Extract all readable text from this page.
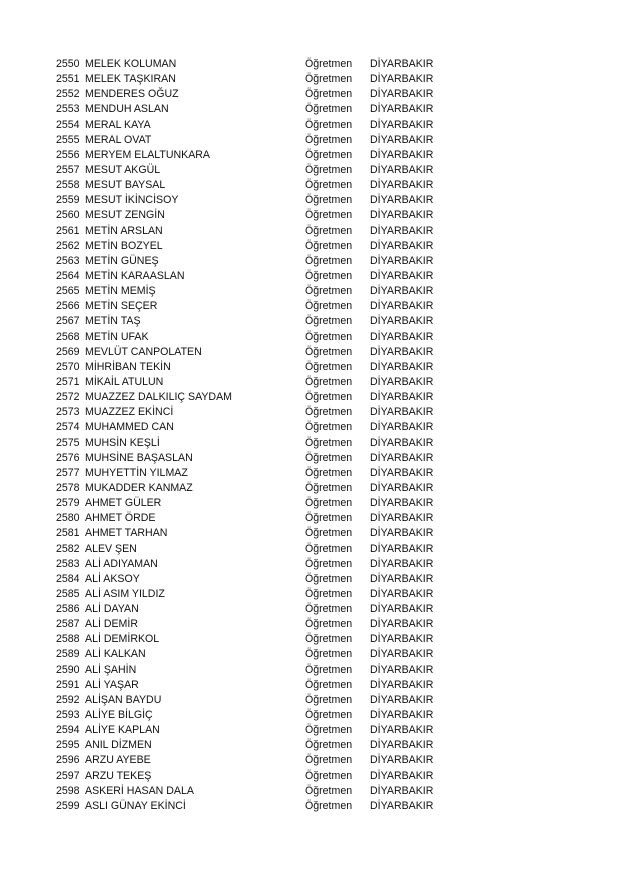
2550 MELEK KOLUMAN	Öğretmen DİYARBAKIR
2551 MELEK TAŞKIRAN	Öğretmen DİYARBAKIR
2552 MENDERES OĞUZ	Öğretmen DİYARBAKIR
2553 MENDUH ASLAN	Öğretmen DİYARBAKIR
2554 MERAL KAYA	Öğretmen DİYARBAKIR
2555 MERAL OVAT	Öğretmen DİYARBAKIR
2556 MERYEM ELALTUNKARA	Öğretmen DİYARBAKIR
2557 MESUT AKGÜL	Öğretmen DİYARBAKIR
2558 MESUT BAYSAL	Öğretmen DİYARBAKIR
2559 MESUT İKİNCİSOY	Öğretmen DİYARBAKIR
2560 MESUT ZENGİN	Öğretmen DİYARBAKIR
2561 METİN ARSLAN	Öğretmen DİYARBAKIR
2562 METİN BOZYEL	Öğretmen DİYARBAKIR
2563 METİN GÜNEŞ	Öğretmen DİYARBAKIR
2564 METİN KARAASLAN	Öğretmen DİYARBAKIR
2565 METİN MEMİŞ	Öğretmen DİYARBAKIR
2566 METİN SEÇER	Öğretmen DİYARBAKIR
2567 METİN TAŞ	Öğretmen DİYARBAKIR
2568 METİN UFAK	Öğretmen DİYARBAKIR
2569 MEVLÜT CANPOLATEN	Öğretmen DİYARBAKIR
2570 MİHRİBAN TEKİN	Öğretmen DİYARBAKIR
2571 MİKAİL ATULUN	Öğretmen DİYARBAKIR
2572 MUAZZEZ DALKILIÇ SAYDAM	Öğretmen DİYARBAKIR
2573 MUAZZEZ EKİNCİ	Öğretmen DİYARBAKIR
2574 MUHAMMED CAN	Öğretmen DİYARBAKIR
2575 MUHSİN KEŞLİ	Öğretmen DİYARBAKIR
2576 MUHSİNE BAŞASLAN	Öğretmen DİYARBAKIR
2577 MUHYETTİN YILMAZ	Öğretmen DİYARBAKIR
2578 MUKADDER KANMAZ	Öğretmen DİYARBAKIR
2579 AHMET GÜLER	Öğretmen DİYARBAKIR
2580 AHMET ÖRDE	Öğretmen DİYARBAKIR
2581 AHMET TARHAN	Öğretmen DİYARBAKIR
2582 ALEV ŞEN	Öğretmen DİYARBAKIR
2583 ALİ ADIYAMAN	Öğretmen DİYARBAKIR
2584 ALİ AKSOY	Öğretmen DİYARBAKIR
2585 ALİ ASIM YILDIZ	Öğretmen DİYARBAKIR
2586 ALİ DAYAN	Öğretmen DİYARBAKIR
2587 ALİ DEMİR	Öğretmen DİYARBAKIR
2588 ALİ DEMİRKOL	Öğretmen DİYARBAKIR
2589 ALİ KALKAN	Öğretmen DİYARBAKIR
2590 ALİ ŞAHİN	Öğretmen DİYARBAKIR
2591 ALİ YAŞAR	Öğretmen DİYARBAKIR
2592 ALİŞAN BAYDU	Öğretmen DİYARBAKIR
2593 ALİYE BİLGİÇ	Öğretmen DİYARBAKIR
2594 ALİYE KAPLAN	Öğretmen DİYARBAKIR
2595 ANIL DİZMEN	Öğretmen DİYARBAKIR
2596 ARZU AYEBE	Öğretmen DİYARBAKIR
2597 ARZU TEKEŞ	Öğretmen DİYARBAKIR
2598 ASKERİ HASAN DALA	Öğretmen DİYARBAKIR
2599 ASLI GÜNAY EKİNCİ	Öğretmen DİYARBAKIR
